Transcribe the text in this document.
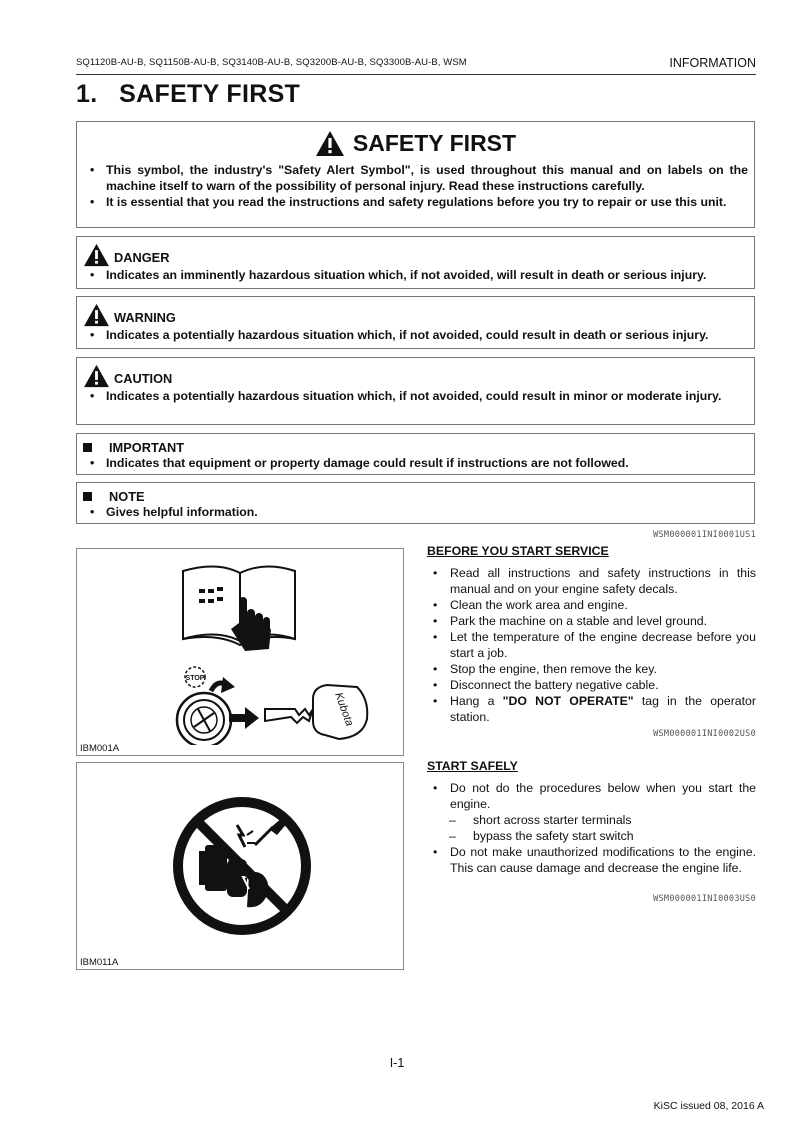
SQ1120B-AU-B, SQ1150B-AU-B, SQ3140B-AU-B, SQ3200B-AU-B, SQ3300B-AU-B, WSM	INFORMATION
1.   SAFETY FIRST
SAFETY FIRST
• This symbol, the industry's "Safety Alert Symbol", is used throughout this manual and on labels on the machine itself to warn of the possibility of personal injury. Read these instructions carefully.
• It is essential that you read the instructions and safety regulations before you try to repair or use this unit.
DANGER
• Indicates an imminently hazardous situation which, if not avoided, will result in death or serious injury.
WARNING
• Indicates a potentially hazardous situation which, if not avoided, could result in death or serious injury.
CAUTION
• Indicates a potentially hazardous situation which, if not avoided, could result in minor or moderate injury.
IMPORTANT
• Indicates that equipment or property damage could result if instructions are not followed.
NOTE
• Gives helpful information.
WSM000001INI0001US1
STOP
Kubota
IBM001A
IBM011A
BEFORE YOU START SERVICE
• Read all instructions and safety instructions in this manual and on your engine safety decals.
• Clean the work area and engine.
• Park the machine on a stable and level ground.
• Let the temperature of the engine decrease before you start a job.
• Stop the engine, then remove the key.
• Disconnect the battery negative cable.
• Hang a "DO NOT OPERATE" tag in the operator station.
WSM000001INI0002US0
START SAFELY
• Do not do the procedures below when you start the engine.
– short across starter terminals
– bypass the safety start switch
• Do not make unauthorized modifications to the engine. This can cause damage and decrease the engine life.
WSM000001INI0003US0
I-1
KiSC issued 08, 2016 A
